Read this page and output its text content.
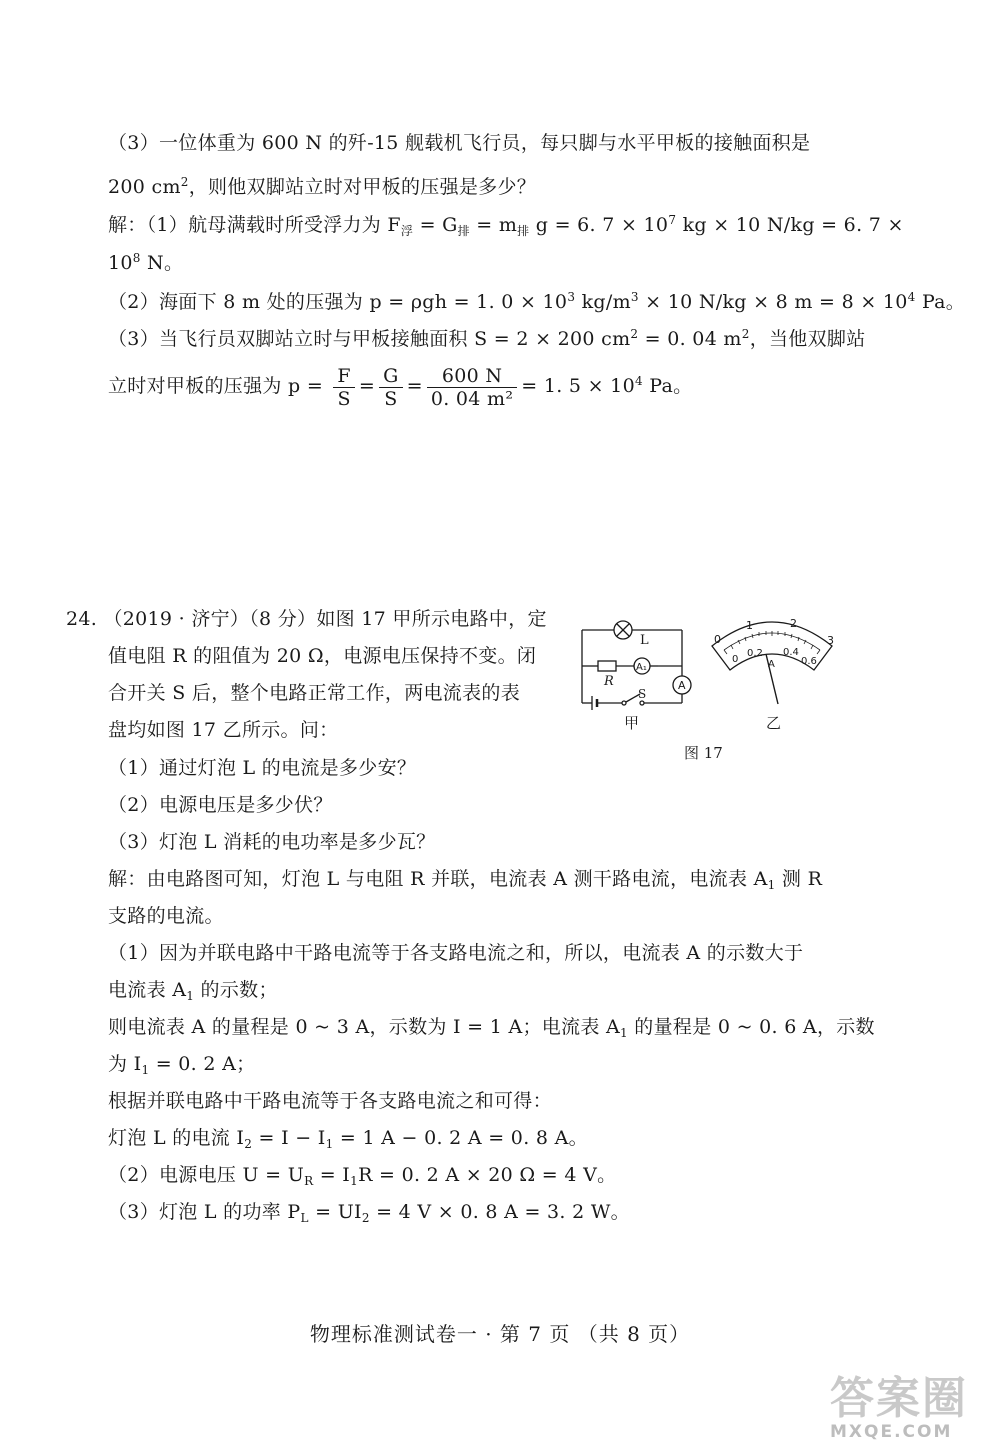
（3）一位体重为 600 N 的歼-15 舰载机飞行员，每只脚与水平甲板的接触面积是
200 $cm^2$，则他双脚站立时对甲板的压强是多少？
解：（1）航母满载时所受浮力为 $F_浮 = G_排 = m_排$ g = 6. $7 \times 10^7$ kg × 10 N/kg = 6. 7 ×
$10^8$ N。
（2）海面下 8 m 处的压强为 p = ρgh = 1. $0 \times 10^3$ $kg/m^3 \times 10$ N/kg × 8 $m = 8 \times 10^4$ Pa。
（3）当飞行员双脚站立时与甲板接触面积 S = 2 × 200 $cm^2 = 0$. 04 $m^2$，当他双脚站
立时对甲板的压强为 $p = \frac{F}{S} = \frac{G}{S} = \frac{600 N}{\text{0. 04 m²}} = 1$. $5 \times 10^4$ Pa。
24. （2019 · 济宁）（8 分）如图 17 甲所示电路中，定
值电阻 R 的阻值为 20 Ω，电源电压保持不变。闭
合开关 S 后，整个电路正常工作，两电流表的表
盘均如图 17 乙所示。问：
（1）通过灯泡 L 的电流是多少安？
（2）电源电压是多少伏？
（3）灯泡 L 消耗的电功率是多少瓦？
解：由电路图可知，灯泡 L 与电阻 R 并联，电流表 A 测干路电流，电流表 $A_1$ 测 R
支路的电流。
（1）因为并联电路中干路电流等于各支路电流之和，所以，电流表 A 的示数大于
电流表 $A_1$ 的示数；
则电流表 A 的量程是 0 ~ 3 A，示数为 I = 1 A；电流表 $A_1$ 的量程是 0 ~ 0. 6 A，示数
为 $I_1 = 0$. 2 A；
根据并联电路中干路电流等于各支路电流之和可得：
灯泡 L 的电流 $I_2 = I - I_1 = 1$ A − 0. 2 A = 0. 8 A。
（2）电源电压 $U = U_R = I_1R = 0$. 2 A × 20 Ω = 4 V。
（3）灯泡 L 的功率 $P_L = UI_2 = 4$ V × 0. 8 A = 3. 2 W。
L
R
A₁
A
S
0
1	2
3
0
0.2 0.4
0.6
A
甲	乙
图 17
物理标准测试卷一 · 第 7 页 （共 8 页）
答案圈
MXQE.COM
